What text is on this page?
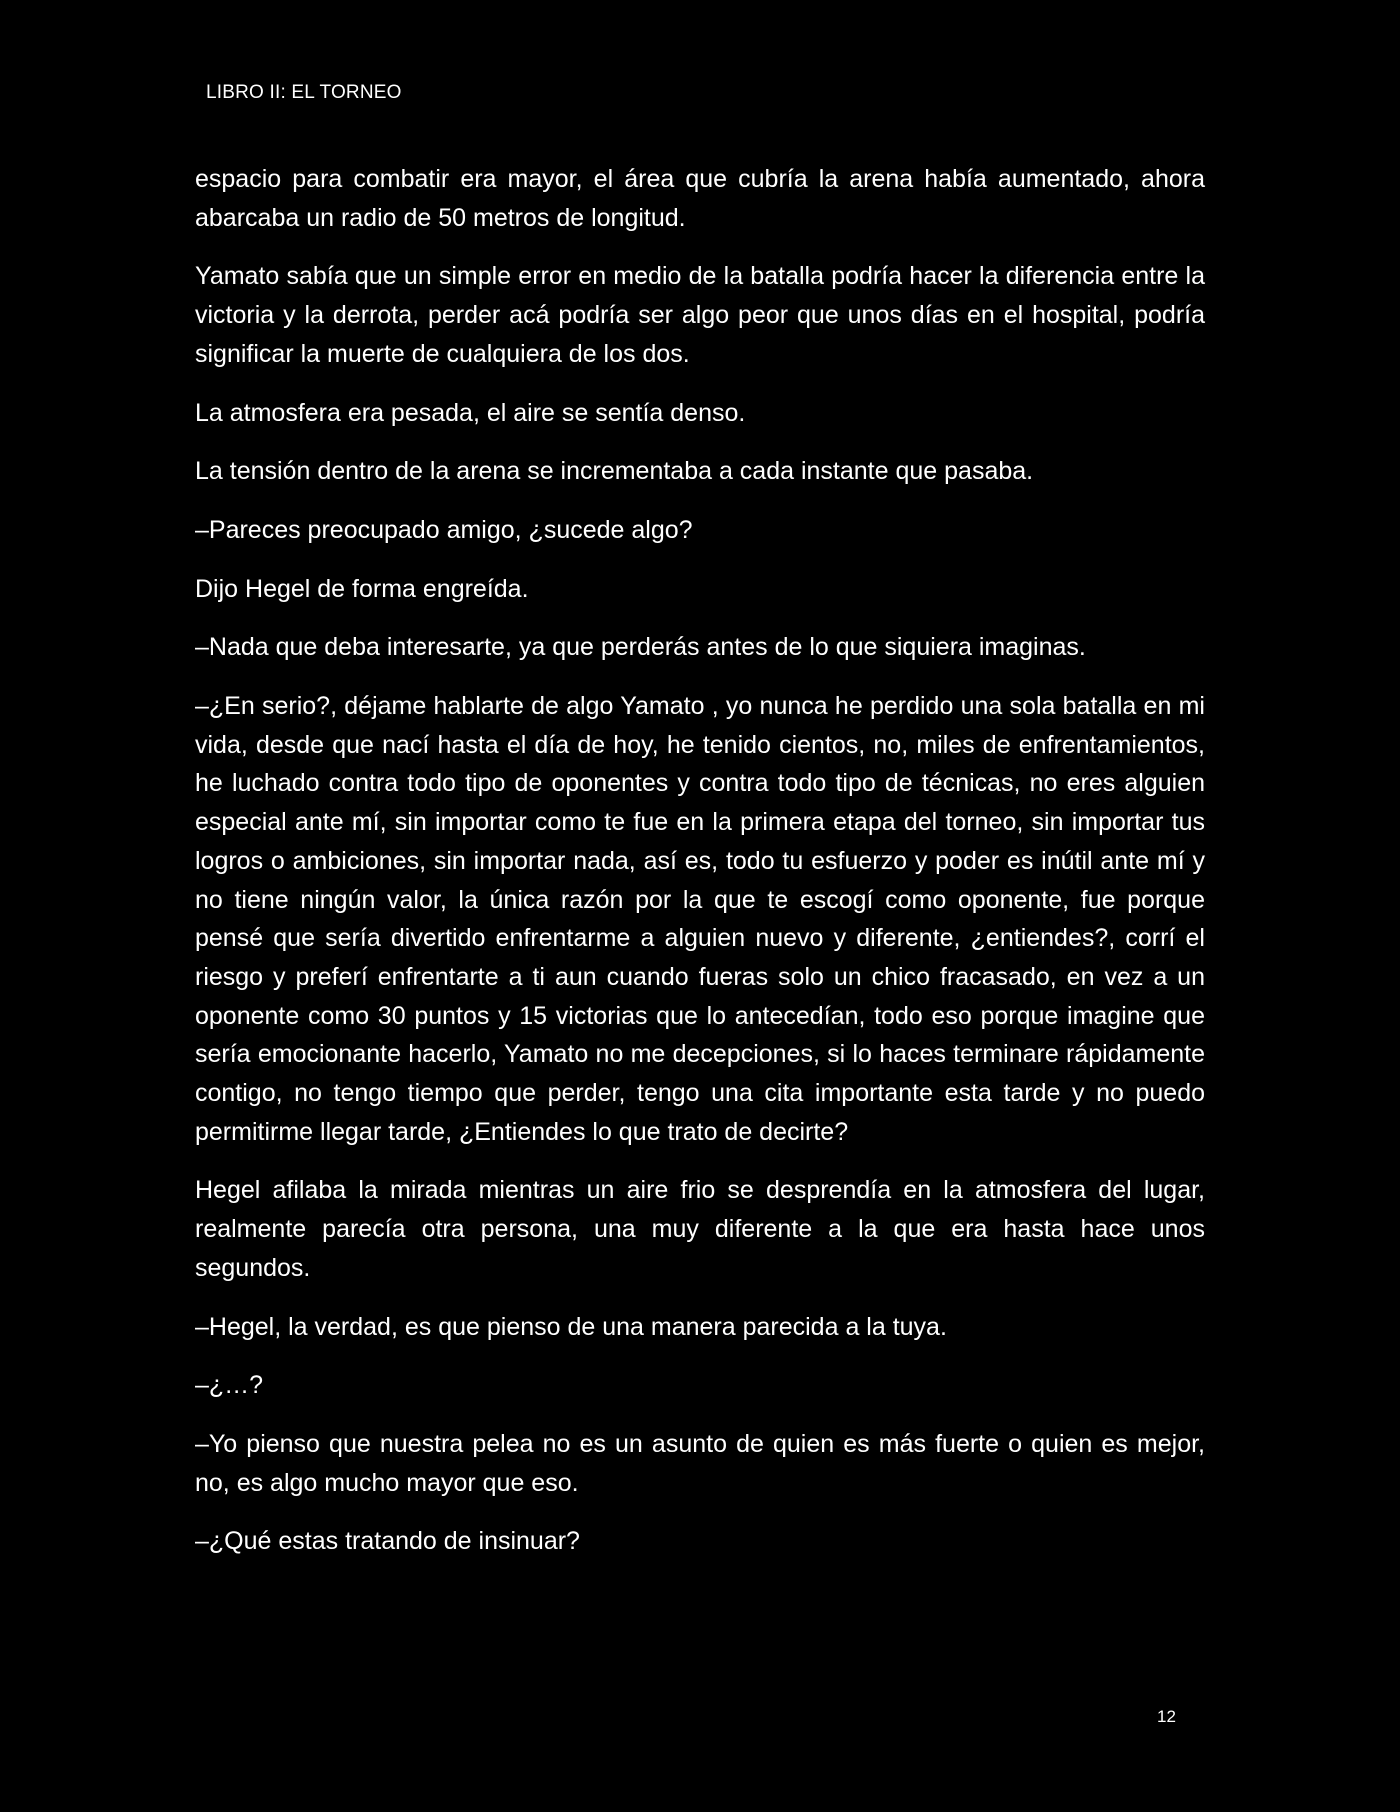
LIBRO II: EL TORNEO

espacio para combatir era mayor, el área que cubría la arena había aumentado, ahora abarcaba un radio de 50 metros de longitud.

Yamato sabía que un simple error en medio de la batalla podría hacer la diferencia entre la victoria y la derrota, perder acá podría ser algo peor que unos días en el hospital, podría significar la muerte de cualquiera de los dos.

La atmosfera era pesada, el aire se sentía denso.

La tensión dentro de la arena se incrementaba a cada instante que pasaba.

–Pareces preocupado amigo, ¿sucede algo?

Dijo Hegel de forma engreída.

–Nada que deba interesarte, ya que perderás antes de lo que siquiera imaginas.

–¿En serio?, déjame hablarte de algo Yamato , yo nunca he perdido una sola batalla en mi vida, desde que nací hasta el día de hoy, he tenido cientos, no, miles de enfrentamientos, he luchado contra todo tipo de oponentes y contra todo tipo de técnicas, no eres alguien especial ante mí, sin importar como te fue en la primera etapa del torneo, sin importar tus logros o ambiciones, sin importar nada, así es, todo tu esfuerzo y poder es inútil ante mí y no tiene ningún valor, la única razón por la que te escogí como oponente, fue porque pensé que sería divertido enfrentarme a alguien nuevo y diferente, ¿entiendes?, corrí el riesgo y preferí enfrentarte a ti aun cuando fueras solo un chico fracasado, en vez a un oponente como 30 puntos y 15 victorias que lo antecedían, todo eso porque imagine que sería emocionante hacerlo, Yamato no me decepciones, si lo haces terminare rápidamente contigo, no tengo tiempo que perder, tengo una cita importante esta tarde y no puedo permitirme llegar tarde, ¿Entiendes lo que trato de decirte?

Hegel afilaba la mirada mientras un aire frio se desprendía en la atmosfera del lugar, realmente parecía otra persona, una muy diferente a la que era hasta hace unos segundos.

–Hegel, la verdad, es que pienso de una manera parecida a la tuya.

–¿…?

–Yo pienso que nuestra pelea no es un asunto de quien es más fuerte o quien es mejor, no, es algo mucho mayor que eso.

–¿Qué estas tratando de insinuar?

12
